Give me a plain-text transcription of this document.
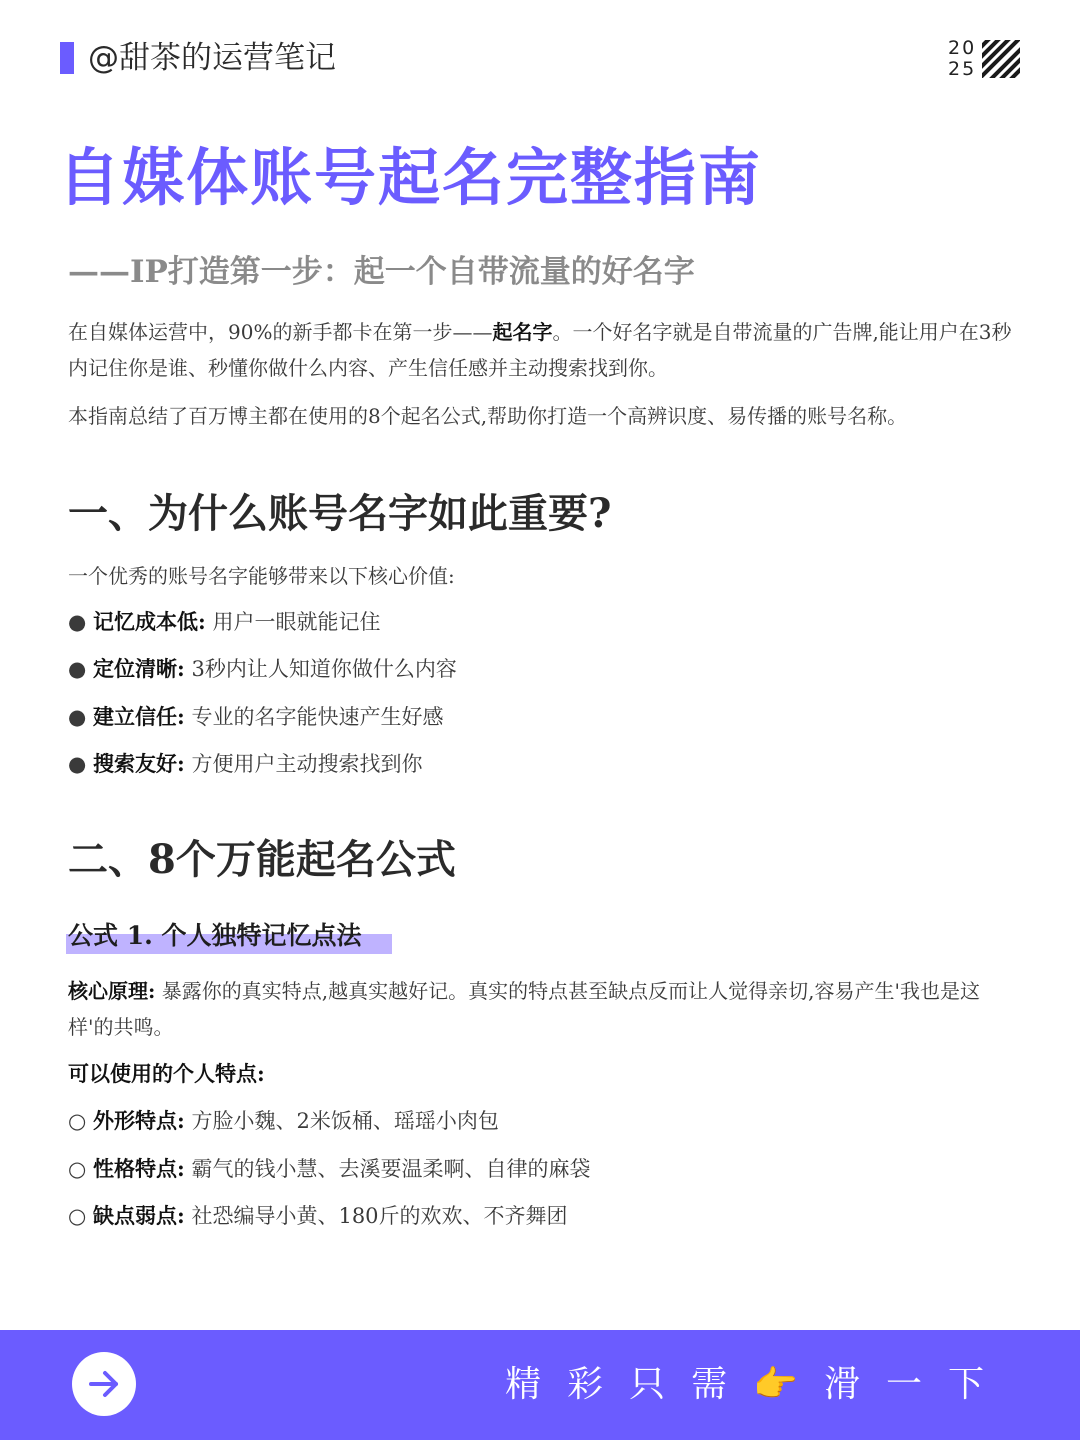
@甜茶的运营笔记	20
25
自媒体账号起名完整指南
——IP打造第一步：起一个自带流量的好名字
在自媒体运营中，90%的新手都卡在第一步——起名字。一个好名字就是自带流量的广告牌,能让用户在3秒内记住你是谁、秒懂你做什么内容、产生信任感并主动搜索找到你。
本指南总结了百万博主都在使用的8个起名公式,帮助你打造一个高辨识度、易传播的账号名称。
一、为什么账号名字如此重要?
一个优秀的账号名字能够带来以下核心价值:
● 记忆成本低: 用户一眼就能记住
● 定位清晰: 3秒内让人知道你做什么内容
● 建立信任: 专业的名字能快速产生好感
● 搜索友好: 方便用户主动搜索找到你
二、8个万能起名公式
公式 1. 个人独特记忆点法
核心原理: 暴露你的真实特点,越真实越好记。真实的特点甚至缺点反而让人觉得亲切,容易产生'我也是这样'的共鸣。
可以使用的个人特点:
○ 外形特点: 方脸小魏、2米饭桶、瑶瑶小肉包
○ 性格特点: 霸气的钱小慧、去溪要温柔啊、自律的麻袋
○ 缺点弱点: 社恐编导小黄、180斤的欢欢、不齐舞团
精彩只需👉滑一下
